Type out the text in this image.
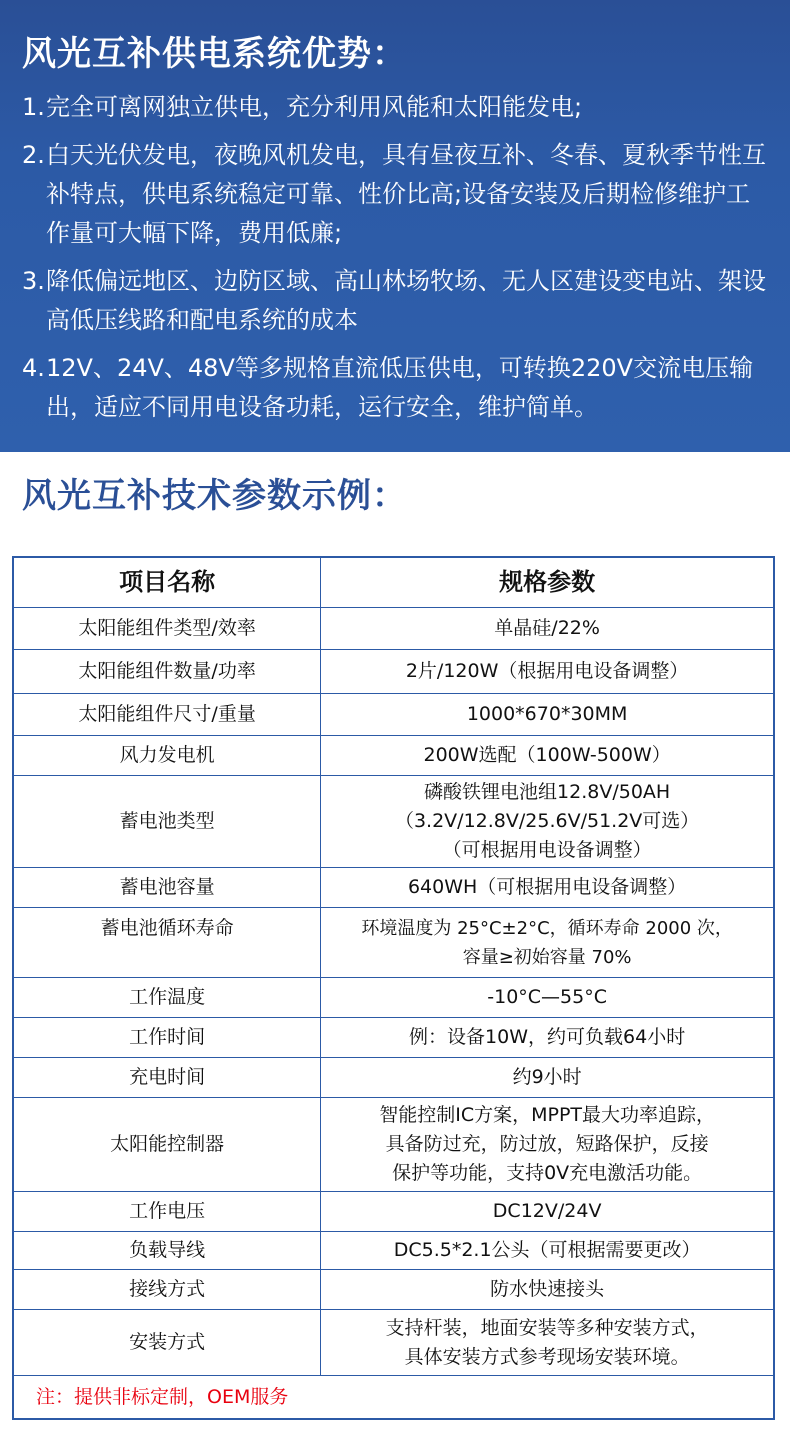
风光互补供电系统优势：
1.完全可离网独立供电，充分利用风能和太阳能发电;
2.白天光伏发电，夜晚风机发电，具有昼夜互补、冬春、夏秋季节性互补特点，供电系统稳定可靠、性价比高;设备安装及后期检修维护工作量可大幅下降，费用低廉;
3.降低偏远地区、边防区域、高山林场牧场、无人区建设变电站、架设高低压线路和配电系统的成本
4.12V、24V、48V等多规格直流低压供电，可转换220V交流电压输出，适应不同用电设备功耗，运行安全，维护简单。
风光互补技术参数示例：
项目名称	规格参数
太阳能组件类型/效率	单晶硅/22%
太阳能组件数量/功率	2片/120W（根据用电设备调整）
太阳能组件尺寸/重量	1000*670*30MM
风力发电机	200W选配（100W-500W）
蓄电池类型	磷酸铁锂电池组12.8V/50AH
（3.2V/12.8V/25.6V/51.2V可选）
（可根据用电设备调整）

蓄电池容量	640WH（可根据用电设备调整）
蓄电池循环寿命	环境温度为 25°C±2°C，循环寿命 2000 次，
容量≥初始容量 70%

工作温度	-10°C—55°C
工作时间	例：设备10W，约可负载64小时
充电时间	约9小时
太阳能控制器	智能控制IC方案，MPPT最大功率追踪，
具备防过充，防过放，短路保护，反接
保护等功能，支持0V充电激活功能。

工作电压	DC12V/24V
负载导线	DC5.5*2.1公头（可根据需要更改）
接线方式	防水快速接头
安装方式	支持杆装，地面安装等多种安装方式，
具体安装方式参考现场安装环境。

注：提供非标定制，OEM服务	
